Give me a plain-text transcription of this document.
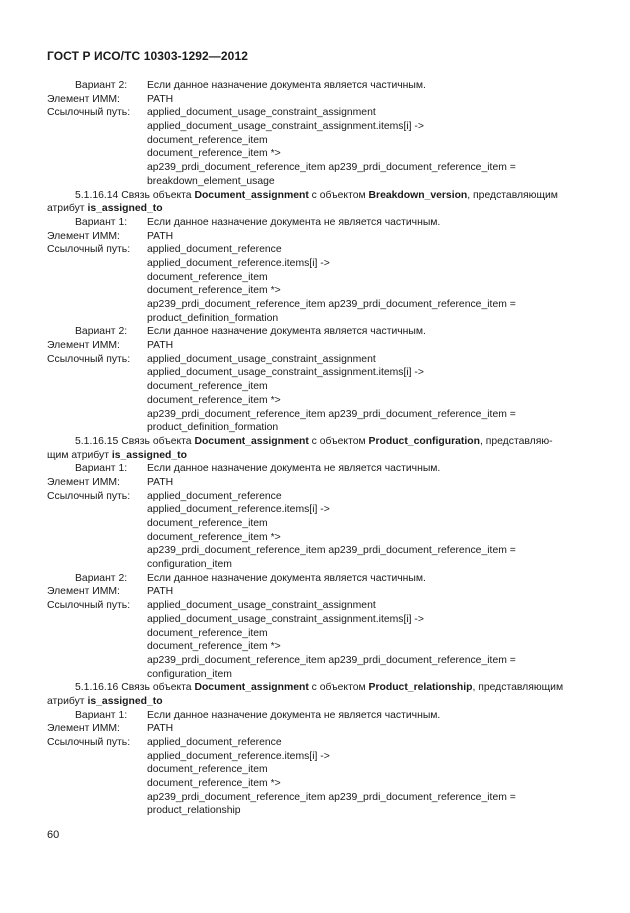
ГОСТ Р ИСО/ТС 10303-1292—2012
Вариант 2:	Если данное назначение документа является частичным.
Элемент ИММ:	PATH
Ссылочный путь:	applied_document_usage_constraint_assignment
applied_document_usage_constraint_assignment.items[i] ->
document_reference_item
document_reference_item *>
ap239_prdi_document_reference_item ap239_prdi_document_reference_item =
breakdown_element_usage
5.1.16.14 Связь объекта Document_assignment с объектом Breakdown_version, представляющим
атрибут is_assigned_to
Вариант 1:	Если данное назначение документа не является частичным.
Элемент ИММ:	PATH
Ссылочный путь:	applied_document_reference
applied_document_reference.items[i] ->
document_reference_item
document_reference_item *>
ap239_prdi_document_reference_item ap239_prdi_document_reference_item =
product_definition_formation
Вариант 2:	Если данное назначение документа является частичным.
Элемент ИММ:	PATH
Ссылочный путь:	applied_document_usage_constraint_assignment
applied_document_usage_constraint_assignment.items[i] ->
document_reference_item
document_reference_item *>
ap239_prdi_document_reference_item ap239_prdi_document_reference_item =
product_definition_formation
5.1.16.15 Связь объекта Document_assignment с объектом Product_configuration, представляю-
щим атрибут is_assigned_to
Вариант 1:	Если данное назначение документа не является частичным.
Элемент ИММ:	PATH
Ссылочный путь:	applied_document_reference
applied_document_reference.items[i] ->
document_reference_item
document_reference_item *>
ap239_prdi_document_reference_item ap239_prdi_document_reference_item =
configuration_item
Вариант 2:	Если данное назначение документа является частичным.
Элемент ИММ:	PATH
Ссылочный путь:	applied_document_usage_constraint_assignment
applied_document_usage_constraint_assignment.items[i] ->
document_reference_item
document_reference_item *>
ap239_prdi_document_reference_item ap239_prdi_document_reference_item =
configuration_item
5.1.16.16 Связь объекта Document_assignment с объектом Product_relationship, представляющим
атрибут is_assigned_to
Вариант 1:	Если данное назначение документа не является частичным.
Элемент ИММ:	PATH
Ссылочный путь:	applied_document_reference
applied_document_reference.items[i] ->
document_reference_item
document_reference_item *>
ap239_prdi_document_reference_item ap239_prdi_document_reference_item =
product_relationship
60
